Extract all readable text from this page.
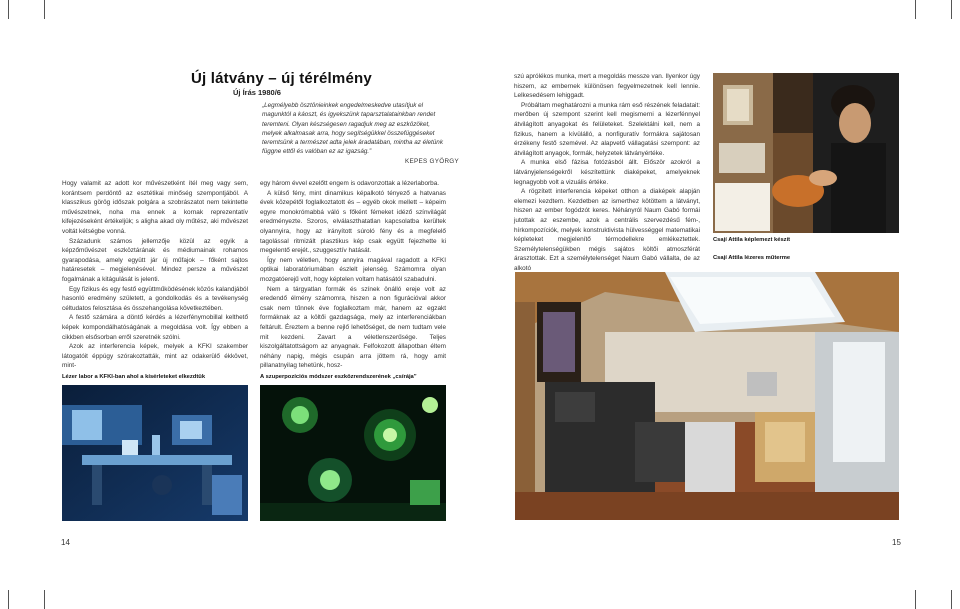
Új látvány – új térélmény
Új Írás 1980/6
„Legmélyebb ösztönieinkek engedelmeskedve utasítjuk el magunktól a káoszt, és igyekszünk taparsztalatainkban rendet teremteni. Olyan készségesen ragadjuk meg az eszközöket, melyek alkalmasak arra, hogy segítségükkel összefüggéseket teremtsünk a természet adta jelek áradatában, mintha az életünk függne ettől és valóban ez az igazság.”
KEPES GYÖRGY

Hogy valamit az adott kor művészetként ítél meg vagy sem, korántsem perdöntő az esztétikai minőség szempontjából. A klasszikus görög időszak polgára a szobrászatot nem tekintette művészetnek, noha ma ennek a kornak reprezentatív kifejezéseként értékeljük; s aligha akad oly műtész, aki művészet voltát kétségbe vonná.

Századunk számos jellemzője közül az egyik a képzőművészet eszköztárának és médiumainak rohamos gyarapodása, amely együtt jár új műfajok – főként sajtos határesetek – megjelenésével. Mindez persze a művészet fogalmának a kitágulását is jelenti.

Egy fizikus és egy festő együttműködésének közös kalandjából hasonló eredmény született, a gondolkodás és a tevékenység céltudatos felosztása és összehangolása következtében.

A festő számára a döntő kérdés a lézerfénymobillal kelthető képek kompondálhatóságának a megoldása volt. Így ebben a cikkben elsősorban erről szeretnék szólni.

Azok az interferencia képek, melyek a KFKI szakember látogatóit éppúgy szórakoztatták, mint az odakerülő ékkövet, mint-

egy három évvel ezelőtt engem is odavonzottak a lézerlaborba.

A külső fény, mint dinamikus képalkotó tényező a hatvanas évek közepétől foglalkoztatott és – egyéb okok mellett – képeim egyre monokrómabbá váló s főként fémeket idéző színvilágát eredményezte. Szoros, elválaszthatatlan kapcsolatba kerültek olyannyira, hogy az irányított súroló fény és a megfelelő tagolással ritmizált plasztikus kép csak együtt fejezhette ki megelentő erejét., szuggesztív hatását.

Így nem véletlen, hogy annyira magával ragadott a KFKI optikai laboratóriumában észlelt jelenség. Számomra olyan mozgatóerejű volt, hogy képtelen voltam hatásától szabadulni.

Nem a tárgyatlan formák és színek önálló ereje volt az eredendő élmény számomra, hiszen a non figurációval akkor csak nem tűnnek éve foglalkoztam már, hanem az egzakt formáknak az a költői gazdagsága, mely az interferenciákban feltárult. Éreztem a benne rejlő lehetőséget, de nem tudtam vele mit kezdeni. Zavart a véletlenszerűsége. Teljes kiszolgáltatottságom az anyagnak. Felfokozott állapotban éltem néhány napig, mégis csupán arra jöttem rá, hogy amit pillanatnyilag tehetünk, hosz-

szú aprólékos munka, mert a megoldás messze van. Ilyenkor úgy hiszem, az embernek különösen fegyelmezetnek kell lennie. Lelkesedésem lehiggadt.

Próbáltam meghatározni a munka rám eső részének feladatait: merőben új szempont szerint kell megismerni a lézerfénnyel átvilágított anyagokat és felületeket. Szelektálni kell, nem a fizikus, hanem a kívülálló, a nonfiguratív formákra sajátosan érzékeny festő szemével. Az alapvető vállagatási szempont: az átvilágított anyagok, formák, helyzetek látványértéke.

A munka első fázisa fotózásból állt. Először azokról a látványjelenségekről készítettünk diaképeket, amelyeknek legnagyobb volt a vizuális értéke.

A rögzített interferencia képeket otthon a diaképek alapján elemezi kezdtem. Kezdetben az ismerthez kötöttem a látványt, hiszen az ember fogódzót keres. Néhányról Naum Gabó formái jutottak az eszembe, azok a centrális szervezdésű fém-, hírkompozíciók, melyek konstruktivista hülvességgel matematikai képleteket megjelenítő térmodellekre emlékeztettek. Személytelenségükben mégis sajátos költői atmoszférát árasztottak. Ezt a személytelenséget Naum Gabó vállalta, de az alkotó

Csají Attila képlemezt készít
Csají Attila lézeres műterme
Lézer labor a KFKI-ban ahol a kísérleteket elkezdtük	A szuperpozíciós módszer eszközrendszerének „csírája”
14	15
